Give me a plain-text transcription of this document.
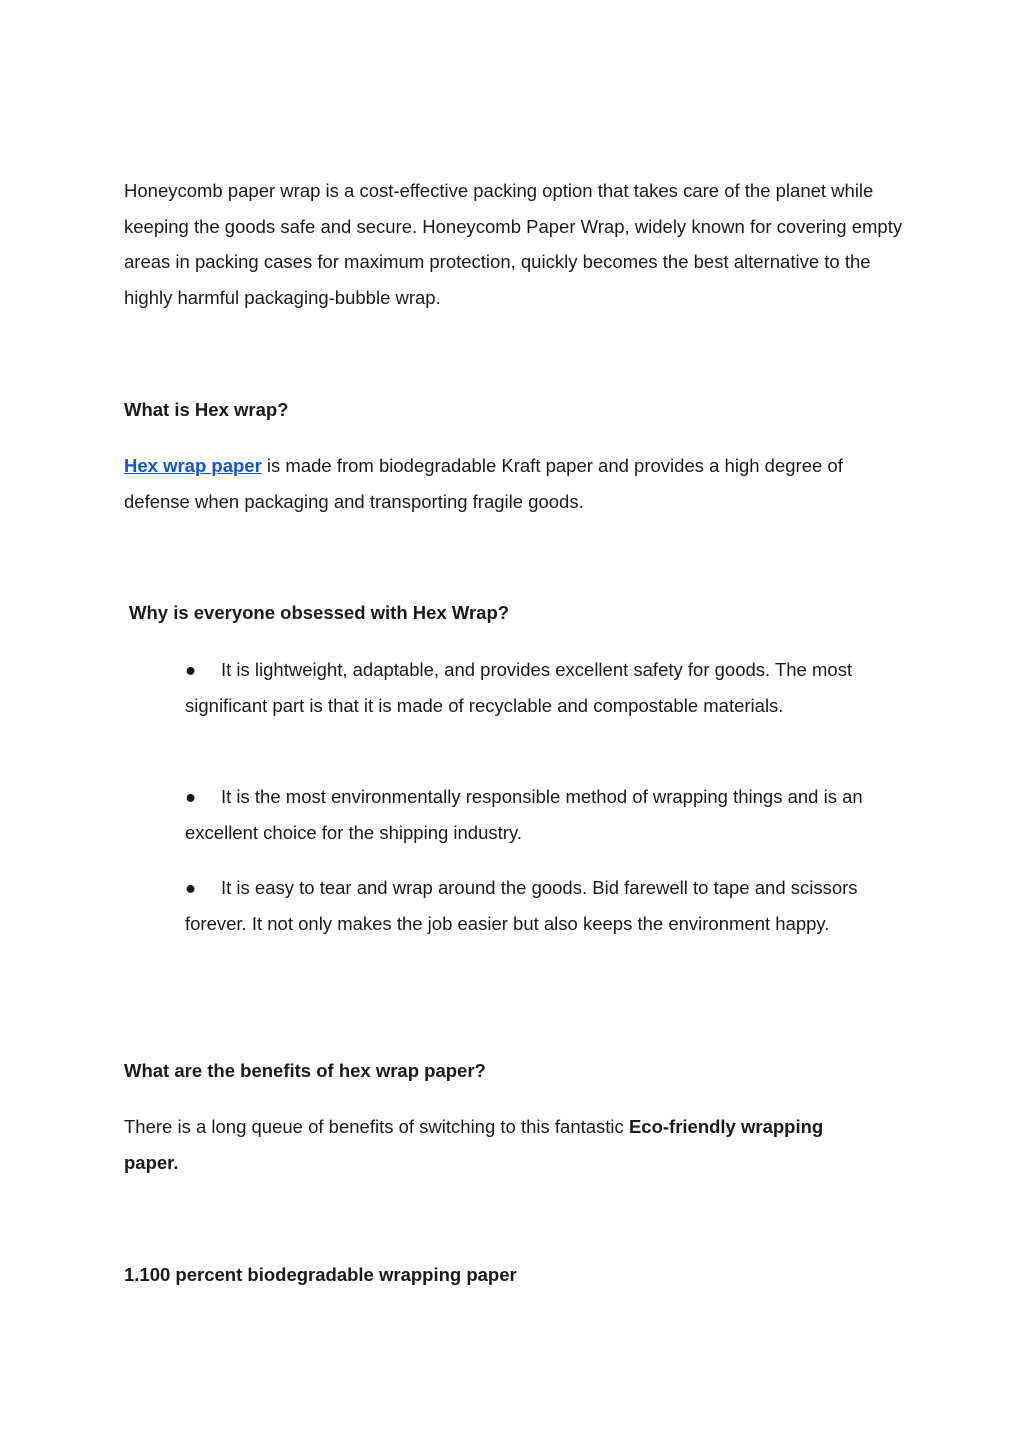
Honeycomb paper wrap is a cost-effective packing option that takes care of the planet while keeping the goods safe and secure. Honeycomb Paper Wrap, widely known for covering empty areas in packing cases for maximum protection, quickly becomes the best alternative to the highly harmful packaging-bubble wrap.

What is Hex wrap?

Hex wrap paper is made from biodegradable Kraft paper and provides a high degree of defense when packaging and transporting fragile goods.

Why is everyone obsessed with Hex Wrap?

● It is lightweight, adaptable, and provides excellent safety for goods. The most significant part is that it is made of recyclable and compostable materials.

● It is the most environmentally responsible method of wrapping things and is an excellent choice for the shipping industry.

● It is easy to tear and wrap around the goods. Bid farewell to tape and scissors forever. It not only makes the job easier but also keeps the environment happy.

What are the benefits of hex wrap paper?

There is a long queue of benefits of switching to this fantastic Eco-friendly wrapping paper.

1.100 percent biodegradable wrapping paper
